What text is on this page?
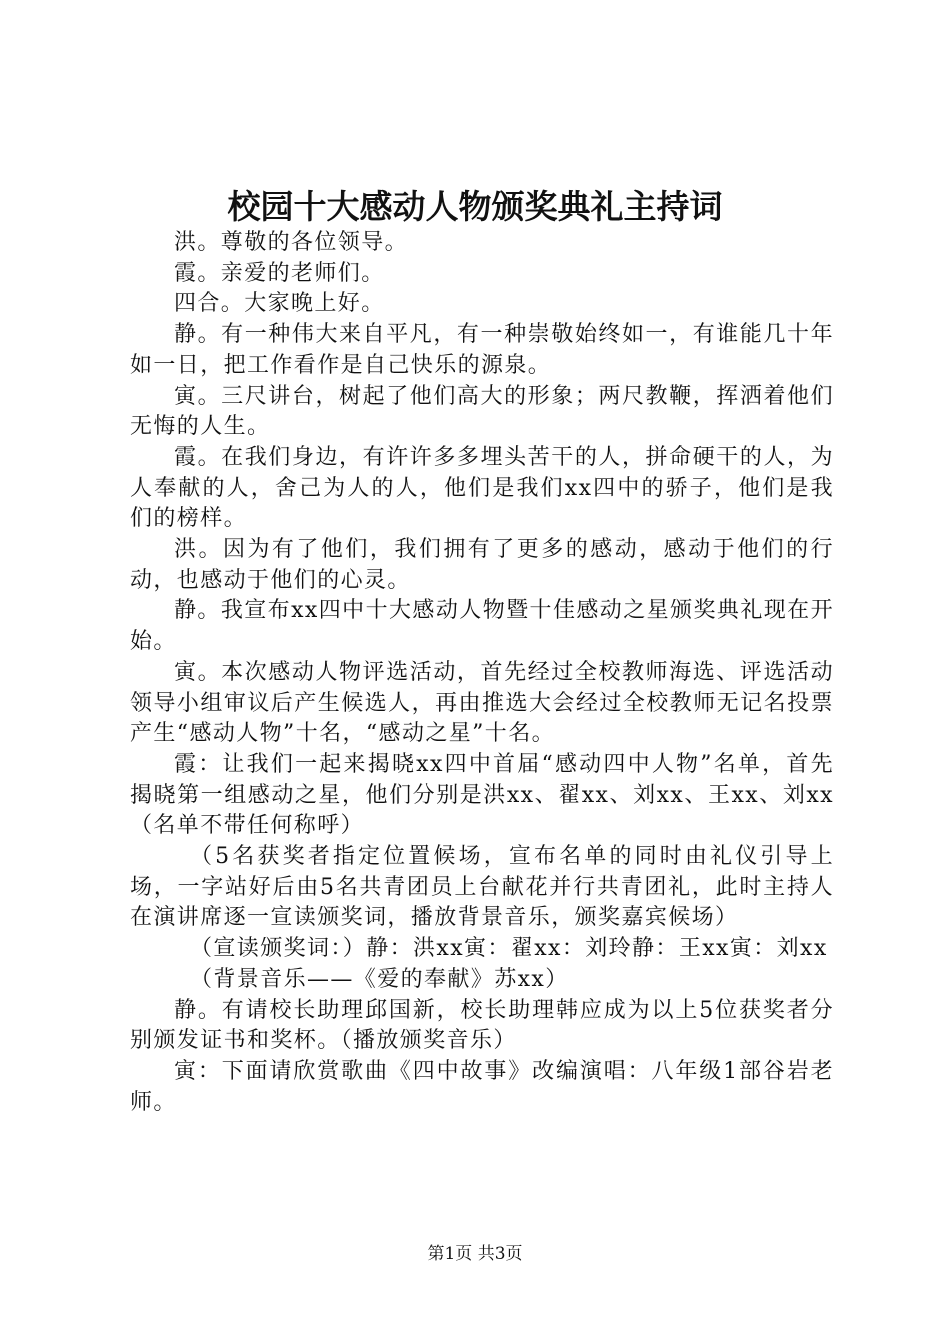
校园十大感动人物颁奖典礼主持词

洪。尊敬的各位领导。

霞。亲爱的老师们。

四合。大家晚上好。

静。有一种伟大来自平凡，有一种崇敬始终如一，有谁能几十年如一日，把工作看作是自己快乐的源泉。

寅。三尺讲台，树起了他们高大的形象；两尺教鞭，挥洒着他们无悔的人生。

霞。在我们身边，有许许多多埋头苦干的人，拼命硬干的人，为人奉献的人，舍己为人的人，他们是我们xx四中的骄子，他们是我们的榜样。

洪。因为有了他们，我们拥有了更多的感动，感动于他们的行动，也感动于他们的心灵。

静。我宣布xx四中十大感动人物暨十佳感动之星颁奖典礼现在开始。

寅。本次感动人物评选活动，首先经过全校教师海选、评选活动领导小组审议后产生候选人，再由推选大会经过全校教师无记名投票产生“感动人物”十名，“感动之星”十名。

霞：让我们一起来揭晓xx四中首届“感动四中人物”名单，首先揭晓第一组感动之星，他们分别是洪xx、翟xx、刘xx、王xx、刘xx（名单不带任何称呼）

（5名获奖者指定位置候场，宣布名单的同时由礼仪引导上场，一字站好后由5名共青团员上台献花并行共青团礼，此时主持人在演讲席逐一宣读颁奖词，播放背景音乐，颁奖嘉宾候场）

（宣读颁奖词：）静：洪xx寅：翟xx：刘玲静：王xx寅：刘xx

（背景音乐——《爱的奉献》苏xx）

静。有请校长助理邱国新，校长助理韩应成为以上5位获奖者分别颁发证书和奖杯。（播放颁奖音乐）

寅：下面请欣赏歌曲《四中故事》改编演唱：八年级1部谷岩老师。

第1页 共3页
